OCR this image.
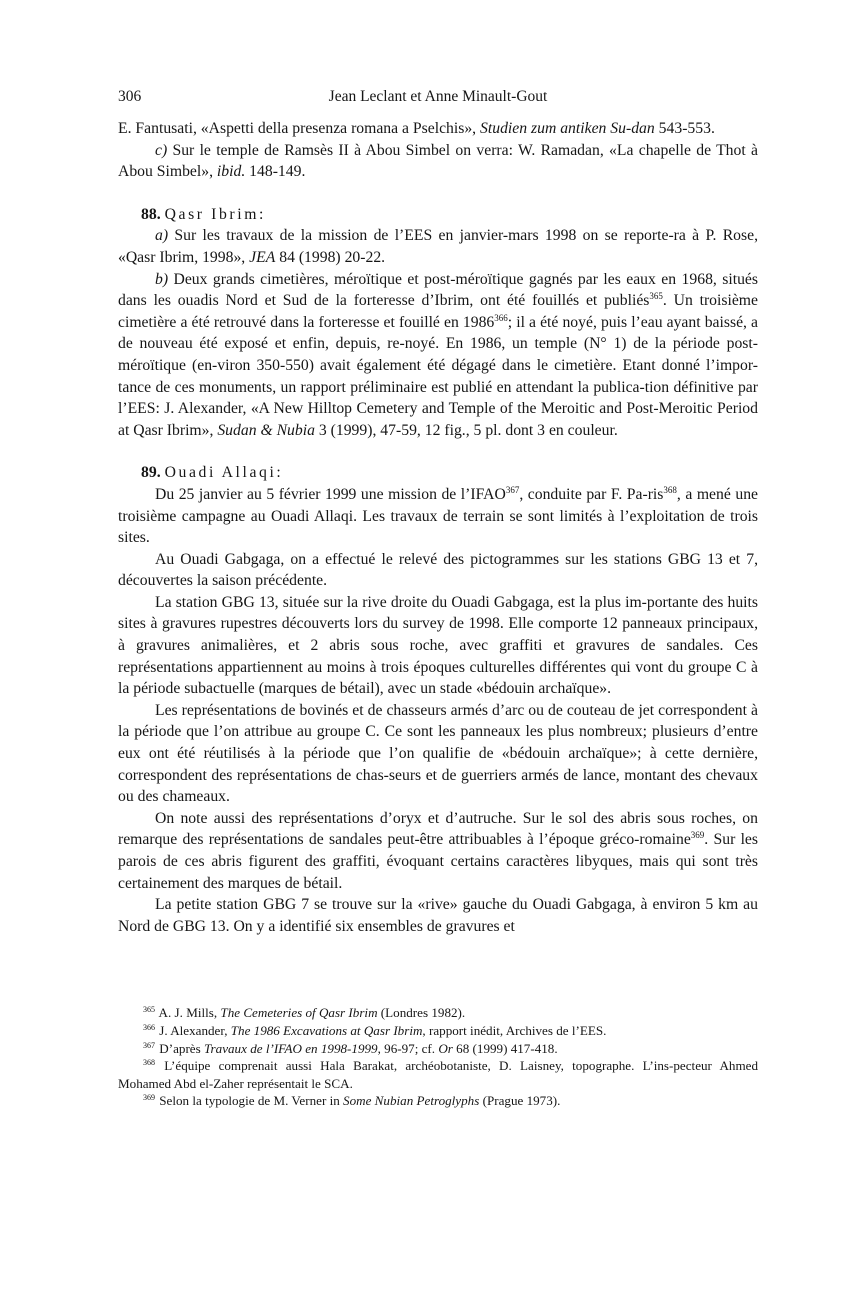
306	Jean Leclant et Anne Minault-Gout

E. Fantusati, «Aspetti della presenza romana a Pselchis», Studien zum antiken Su-dan 543-553.

c) Sur le temple de Ramsès II à Abou Simbel on verra: W. Ramadan, «La chapelle de Thot à Abou Simbel», ibid. 148-149.

88. Qasr Ibrim:

a) Sur les travaux de la mission de l’EES en janvier-mars 1998 on se reporte-ra à P. Rose, «Qasr Ibrim, 1998», JEA 84 (1998) 20-22.

b) Deux grands cimetières, méroïtique et post-méroïtique gagnés par les eaux en 1968, situés dans les ouadis Nord et Sud de la forteresse d’Ibrim, ont été fouillés et publiés$^{365}$. Un troisième cimetière a été retrouvé dans la forteresse et fouillé en 1986$^{366}$; il a été noyé, puis l’eau ayant baissé, a de nouveau été exposé et enfin, depuis, re-noyé. En 1986, un temple (N° 1) de la période post-méroïtique (en-viron 350-550) avait également été dégagé dans le cimetière. Etant donné l’impor-tance de ces monuments, un rapport préliminaire est publié en attendant la publica-tion définitive par l’EES: J. Alexander, «A New Hilltop Cemetery and Temple of the Meroitic and Post-Meroitic Period at Qasr Ibrim», Sudan & Nubia 3 (1999), 47-59, 12 fig., 5 pl. dont 3 en couleur.

89. Ouadi Allaqi:

Du 25 janvier au 5 février 1999 une mission de l’IFAO$^{367}$, conduite par F. Pa-ris$^{368}$, a mené une troisième campagne au Ouadi Allaqi. Les travaux de terrain se sont limités à l’exploitation de trois sites.

Au Ouadi Gabgaga, on a effectué le relevé des pictogrammes sur les stations GBG 13 et 7, découvertes la saison précédente.

La station GBG 13, située sur la rive droite du Ouadi Gabgaga, est la plus im-portante des huits sites à gravures rupestres découverts lors du survey de 1998. Elle comporte 12 panneaux principaux, à gravures animalières, et 2 abris sous roche, avec graffiti et gravures de sandales. Ces représentations appartiennent au moins à trois époques culturelles différentes qui vont du groupe C à la période subactuelle (marques de bétail), avec un stade «bédouin archaïque».

Les représentations de bovinés et de chasseurs armés d’arc ou de couteau de jet correspondent à la période que l’on attribue au groupe C. Ce sont les panneaux les plus nombreux; plusieurs d’entre eux ont été réutilisés à la période que l’on qualifie de «bédouin archaïque»; à cette dernière, correspondent des représentations de chas-seurs et de guerriers armés de lance, montant des chevaux ou des chameaux.

On note aussi des représentations d’oryx et d’autruche. Sur le sol des abris sous roches, on remarque des représentations de sandales peut-être attribuables à l’époque gréco-romaine$^{369}$. Sur les parois de ces abris figurent des graffiti, évoquant certains caractères libyques, mais qui sont très certainement des marques de bétail.

La petite station GBG 7 se trouve sur la «rive» gauche du Ouadi Gabgaga, à environ 5 km au Nord de GBG 13. On y a identifié six ensembles de gravures et

$^{365}$ A. J. Mills, The Cemeteries of Qasr Ibrim (Londres 1982).

$^{366}$ J. Alexander, The 1986 Excavations at Qasr Ibrim, rapport inédit, Archives de l’EES.

$^{367}$ D’après Travaux de l’IFAO en 1998-1999, 96-97; cf. Or 68 (1999) 417-418.

$^{368}$ L’équipe comprenait aussi Hala Barakat, archéobotaniste, D. Laisney, topographe. L’ins-pecteur Ahmed Mohamed Abd el-Zaher représentait le SCA.

$^{369}$ Selon la typologie de M. Verner in Some Nubian Petroglyphs (Prague 1973).
